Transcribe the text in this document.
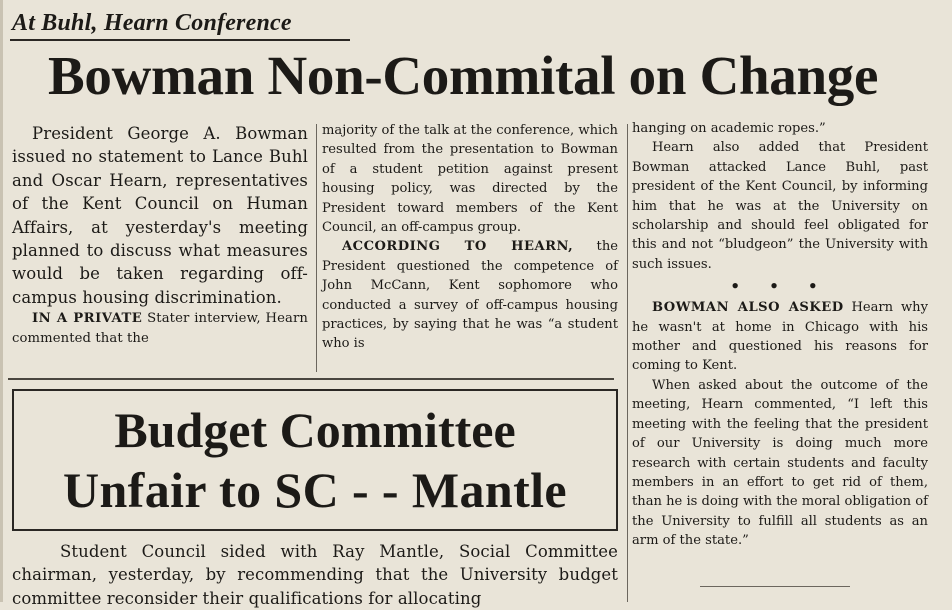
At Buhl, Hearn Conference
Bowman Non-Commital on Change

President George A. Bowman issued no statement to Lance Buhl and Oscar Hearn, representatives of the Kent Council on Human Affairs, at yesterday's meeting planned to discuss what measures would be taken regarding off-campus housing discrimination.

IN A PRIVATE Stater interview, Hearn commented that the

majority of the talk at the conference, which resulted from the presentation to Bowman of a student petition against present housing policy, was directed by the President toward members of the Kent Council, an off-campus group.

ACCORDING TO HEARN, the President questioned the competence of John McCann, Kent sophomore who conducted a survey of off-campus housing practices, by saying that he was “a student who is

hanging on academic ropes.”

Hearn also added that President Bowman attacked Lance Buhl, past president of the Kent Council, by informing him that he was at the University on scholarship and should feel obligated for this and not “bludgeon” the University with such issues.

• • •

BOWMAN ALSO ASKED Hearn why he wasn't at home in Chicago with his mother and questioned his reasons for coming to Kent.

When asked about the outcome of the meeting, Hearn commented, “I left this meeting with the feeling that the president of our University is doing much more research with certain students and faculty members in an effort to get rid of them, than he is doing with the moral obligation of the University to fulfill all students as an arm of the state.”

Budget Committee
Unfair to SC - - Mantle

Student Council sided with Ray Mantle, Social Committee chairman, yesterday, by recommending that the University budget committee reconsider their qualifications for allocating
